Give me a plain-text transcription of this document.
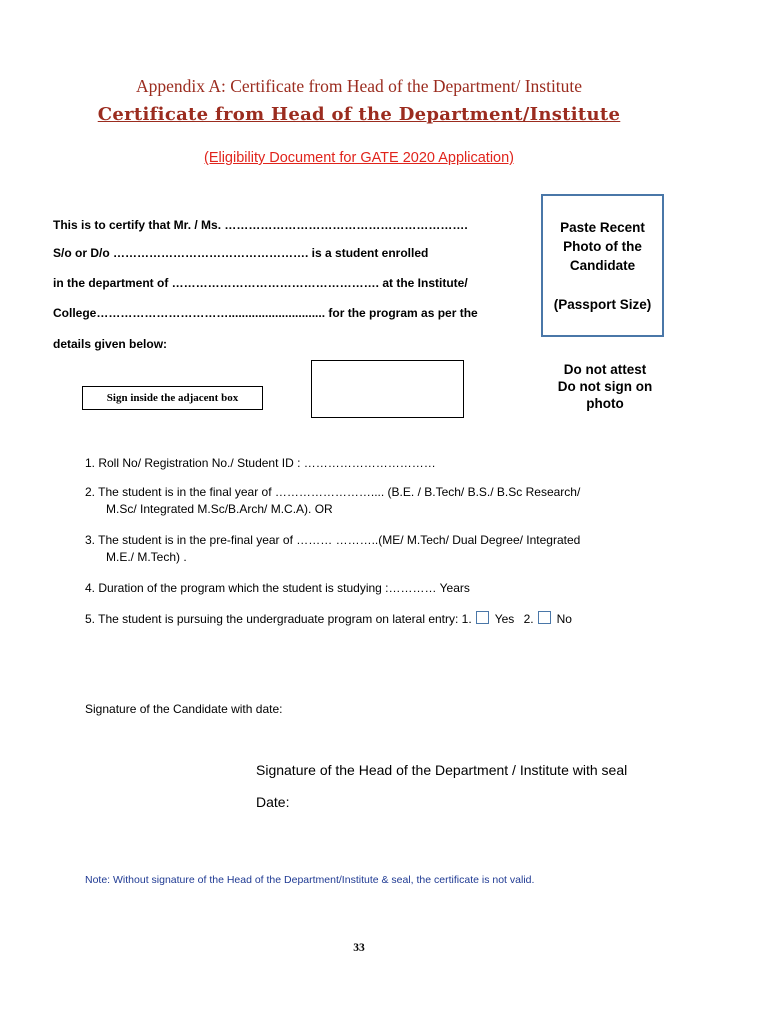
Appendix A: Certificate from Head of the Department/ Institute
Certificate from Head of the Department/Institute
(Eligibility Document for GATE 2020 Application)
This is to certify that Mr. / Ms. …………………………………………………….
S/o or D/o …………………………………………. is a student enrolled
in the department of ……………………………………………. at the Institute/
College……………………………............................. for the program as per the
details given below:
Paste Recent
Photo of the
Candidate
(Passport Size)
Do not attest
Do not sign on
photo
Sign inside the adjacent box
1. Roll No/ Registration No./ Student ID : ……………………………
2. The student is in the final year of …………………….... (B.E. / B.Tech/ B.S./ B.Sc Research/
M.Sc/ Integrated M.Sc/B.Arch/ M.C.A). OR
3. The student is in the pre-final year of ……… ………..(ME/ M.Tech/ Dual Degree/ Integrated
M.E./ M.Tech) .
4. Duration of the program which the student is studying :………… Years
5. The student is pursuing the undergraduate program on lateral entry: 1. Yes 2. No
Signature of the Candidate with date:
Signature of the Head of the Department / Institute with seal
Date:
Note: Without signature of the Head of the Department/Institute & seal, the certificate is not valid.
33
